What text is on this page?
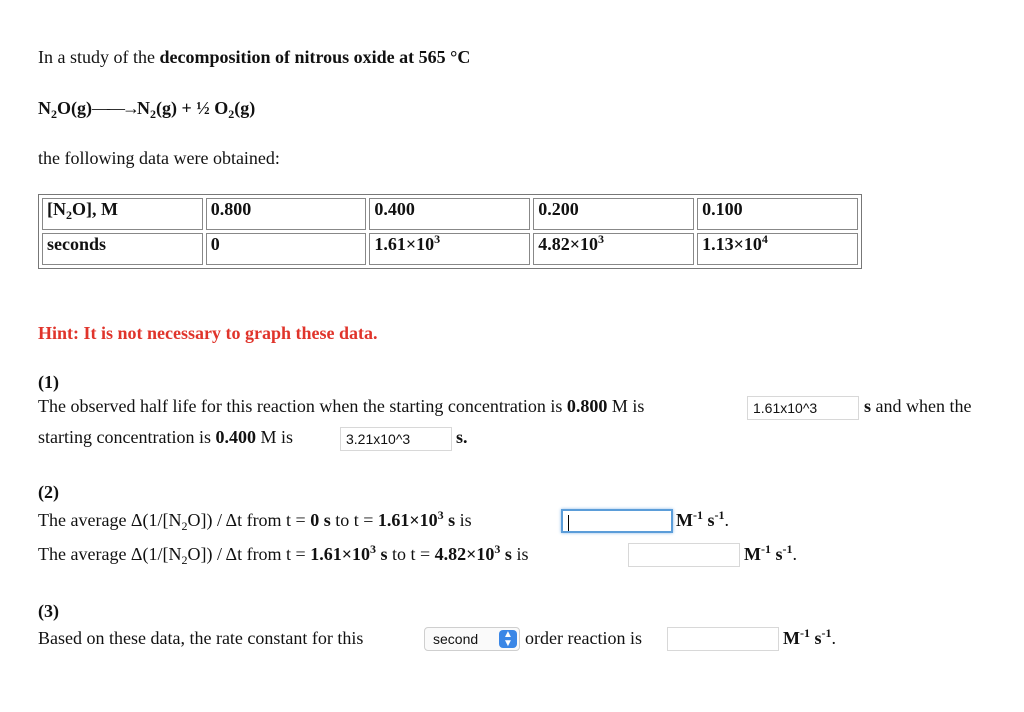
In a study of the decomposition of nitrous oxide at 565 °C
$N_2O(g)——\to N_2(g)$ + ½ $O_2(g)$
the following data were obtained:
$[N_2O]$, M	0.800	0.400	0.200	0.100
seconds	0	$1.61\times 10^3$	$4.82\times 10^3$	$1.13\times 10^4$
Hint: It is not necessary to graph these data.
(1)
The observed half life for this reaction when the starting concentration is 0.800 M is	1.61x10^3	s and when the
starting concentration is 0.400 M is	3.21x10^3	s.
(2)
The average $\Delta(1/[N_2O])$ / Δt from t = 0 s to $t = 1.61\times 10^3$ s is	$M^{-1}$ $s^{-1}$.
The average $\Delta(1/[N_2O])$ / Δt from $t = 1.61\times 10^3$ s to $t = 4.82\times 10^3$ s is	$M^{-1}$ $s^{-1}$.
(3)
Based on these data, the rate constant for this	second	▲
▼ order reaction is	$M^{-1}$ $s^{-1}$.
